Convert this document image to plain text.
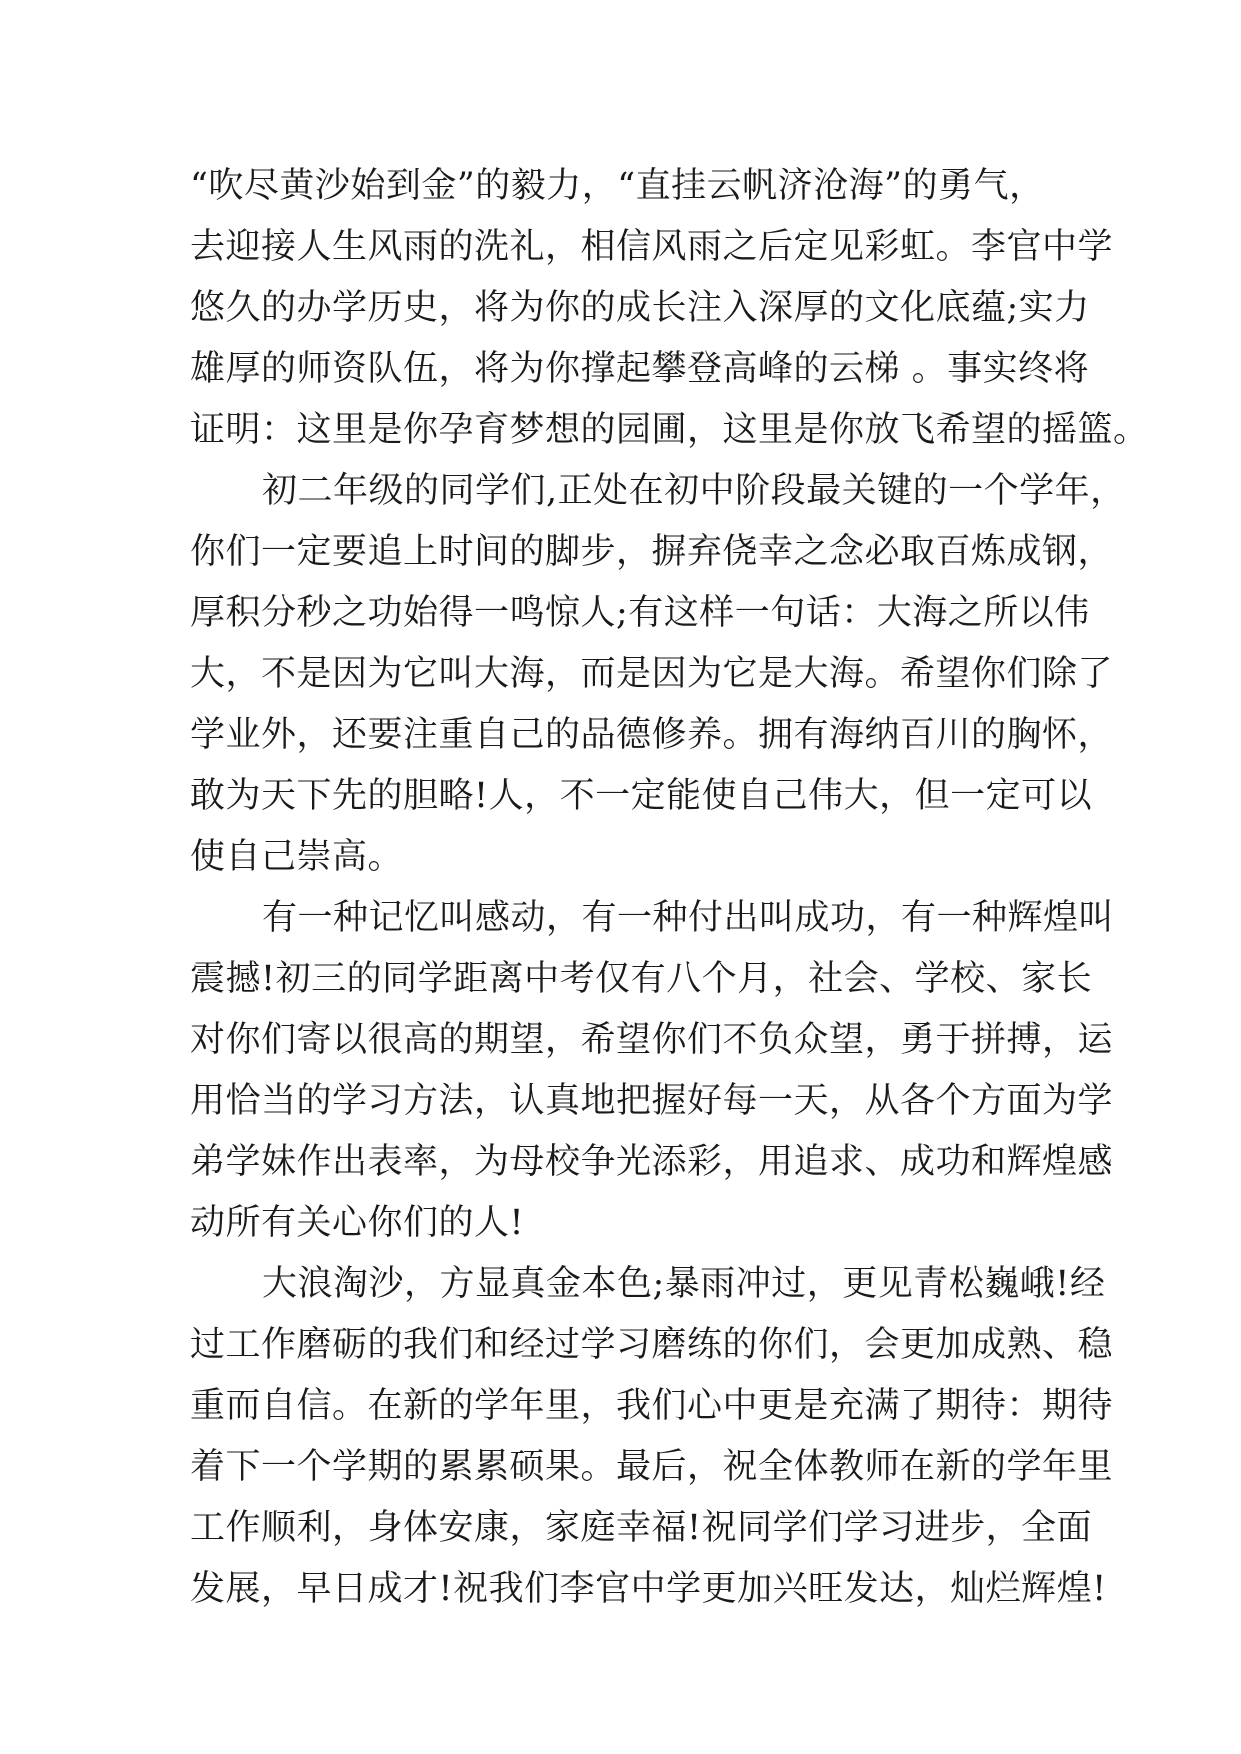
“吹尽黄沙始到金”的毅力，“直挂云帆济沧海”的勇气，
去迎接人生风雨的洗礼，相信风雨之后定见彩虹。李官中学
悠久的办学历史，将为你的成长注入深厚的文化底蕴;实力
雄厚的师资队伍，将为你撑起攀登高峰的云梯 。事实终将
证明：这里是你孕育梦想的园圃，这里是你放飞希望的摇篮。
初二年级的同学们,正处在初中阶段最关键的一个学年，
你们一定要追上时间的脚步，摒弃侥幸之念必取百炼成钢，
厚积分秒之功始得一鸣惊人;有这样一句话：大海之所以伟
大，不是因为它叫大海，而是因为它是大海。希望你们除了
学业外，还要注重自己的品德修养。拥有海纳百川的胸怀，
敢为天下先的胆略!人，不一定能使自己伟大，但一定可以
使自己崇高。
有一种记忆叫感动，有一种付出叫成功，有一种辉煌叫
震撼!初三的同学距离中考仅有八个月，社会、学校、家长
对你们寄以很高的期望，希望你们不负众望，勇于拼搏，运
用恰当的学习方法，认真地把握好每一天，从各个方面为学
弟学妹作出表率，为母校争光添彩，用追求、成功和辉煌感
动所有关心你们的人!
大浪淘沙，方显真金本色;暴雨冲过，更见青松巍峨!经
过工作磨砺的我们和经过学习磨练的你们，会更加成熟、稳
重而自信。在新的学年里，我们心中更是充满了期待：期待
着下一个学期的累累硕果。最后，祝全体教师在新的学年里
工作顺利，身体安康，家庭幸福!祝同学们学习进步，全面
发展，早日成才!祝我们李官中学更加兴旺发达，灿烂辉煌!
